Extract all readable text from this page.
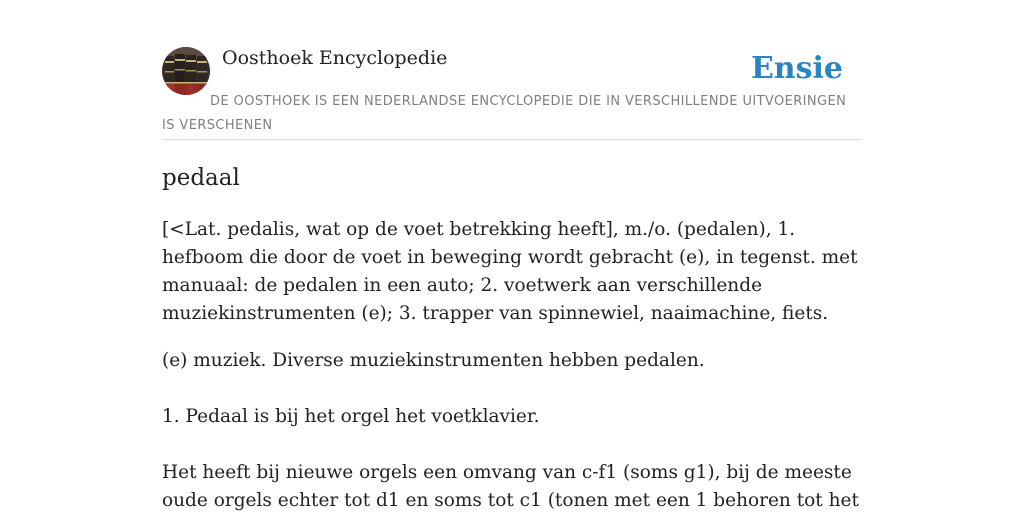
Oosthoek Encyclopedie	Ensie
DE OOSTHOEK IS EEN NEDERLANDSE ENCYCLOPEDIE DIE IN VERSCHILLENDE UITVOERINGEN IS VERSCHENEN
pedaal

[<Lat. pedalis, wat op de voet betrekking heeft], m./o. (pedalen), 1. hefboom die door de voet in beweging wordt gebracht (e), in tegenst. met manuaal: de pedalen in een auto; 2. voetwerk aan verschillende muziekinstrumenten (e); 3. trapper van spinnewiel, naaimachine, fiets.

(e) muziek. Diverse muziekinstrumenten hebben pedalen.

1. Pedaal is bij het orgel het voetklavier.

Het heeft bij nieuwe orgels een omvang van c-f1 (soms g1), bij de meeste oude orgels echter tot d1 en soms tot c1 (tonen met een 1 behoren tot het
